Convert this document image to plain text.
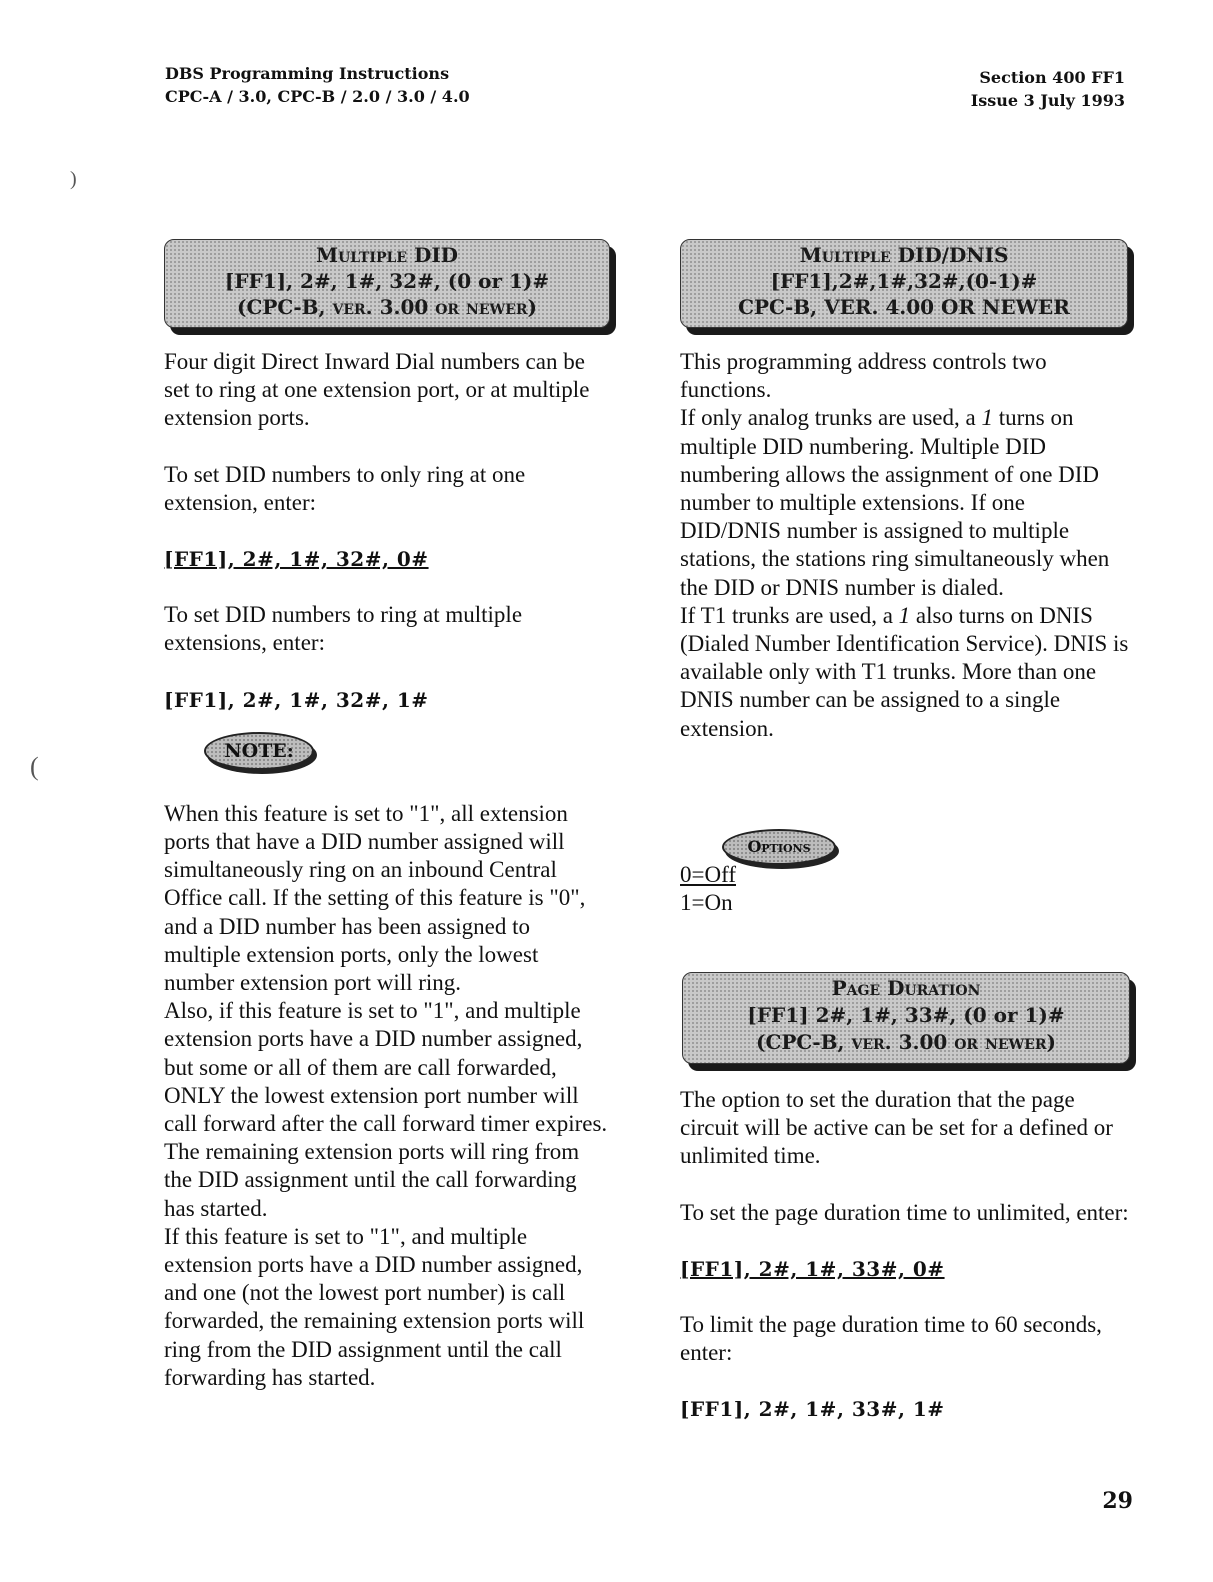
DBS Programming Instructions
CPC-A / 3.0, CPC-B / 2.0 / 3.0 / 4.0
Section 400 FF1
Issue 3 July 1993
)
(
Multiple DID
[FF1], 2#, 1#, 32#, (0 or 1)#
(CPC-B, ver. 3.00 or newer)
Multiple DID/DNIS
[FF1],2#,1#,32#,(0-1)#
CPC-B, VER. 4.00 OR NEWER
Page Duration
[FF1] 2#, 1#, 33#, (0 or 1)#
(CPC-B, ver. 3.00 or newer)

Four digit Direct Inward Dial numbers can be set to ring at one extension port, or at multiple extension ports.

To set DID numbers to only ring at one extension, enter:

[FF1], 2#, 1#, 32#, 0#

To set DID numbers to ring at multiple extensions, enter:

[FF1], 2#, 1#, 32#, 1#

When this feature is set to "1", all extension ports that have a DID number assigned will simultaneously ring on an inbound Central Office call. If the setting of this feature is "0", and a DID number has been assigned to multiple extension ports, only the lowest number extension port will ring.

Also, if this feature is set to "1", and multiple extension ports have a DID number assigned, but some or all of them are call forwarded, ONLY the lowest extension port number will call forward after the call forward timer expires. The remaining extension ports will ring from the DID assignment until the call forwarding has started.

If this feature is set to "1", and multiple extension ports have a DID number assigned, and one (not the lowest port number) is call forwarded, the remaining extension ports will ring from the DID assignment until the call forwarding has started.

NOTE:

This programming address controls two functions.

If only analog trunks are used, a 1 turns on multiple DID numbering. Multiple DID numbering allows the assignment of one DID number to multiple extensions. If one DID/DNIS number is assigned to multiple stations, the stations ring simultaneously when the DID or DNIS number is dialed.

If T1 trunks are used, a 1 also turns on DNIS (Dialed Number Identification Service). DNIS is available only with T1 trunks. More than one DNIS number can be assigned to a single extension.

0=Off

1=On

Options

The option to set the duration that the page circuit will be active can be set for a defined or unlimited time.

To set the page duration time to unlimited, enter:

[FF1], 2#, 1#, 33#, 0#

To limit the page duration time to 60 seconds, enter:

[FF1], 2#, 1#, 33#, 1#

29
